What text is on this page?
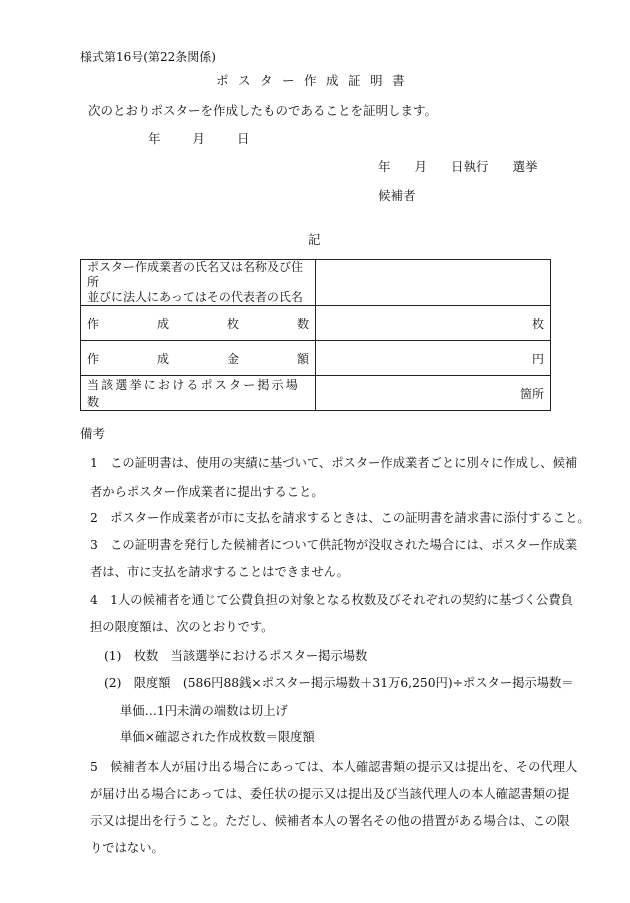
様式第16号(第22条関係)
ポスター作成証明書
次のとおりポスターを作成したものであることを証明します。
年 月 日
年 月 日執行 選挙
候補者
記
ポスター作成業者の氏名又は名称及び住所
並びに法人にあってはその代表者の氏名	

作 成 枚 数	枚

作 成 金 額	円
当該選挙におけるポスター掲示場数	箇所
備考
1　この証明書は、使用の実績に基づいて、ポスター作成業者ごとに別々に作成し、候補
者からポスター作成業者に提出すること。
2　ポスター作成業者が市に支払を請求するときは、この証明書を請求書に添付すること。
3　この証明書を発行した候補者について供託物が没収された場合には、ポスター作成業
者は、市に支払を請求することはできません。
4　1人の候補者を通じて公費負担の対象となる枚数及びそれぞれの契約に基づく公費負
担の限度額は、次のとおりです。
(1)　枚数　当該選挙におけるポスター掲示場数
(2)　限度額　(586円88銭×ポスター掲示場数＋31万6,250円)÷ポスター掲示場数＝
単価…1円未満の端数は切上げ
単価×確認された作成枚数＝限度額
5　候補者本人が届け出る場合にあっては、本人確認書類の提示又は提出を、その代理人
が届け出る場合にあっては、委任状の提示又は提出及び当該代理人の本人確認書類の提
示又は提出を行うこと。ただし、候補者本人の署名その他の措置がある場合は、この限
りではない。
